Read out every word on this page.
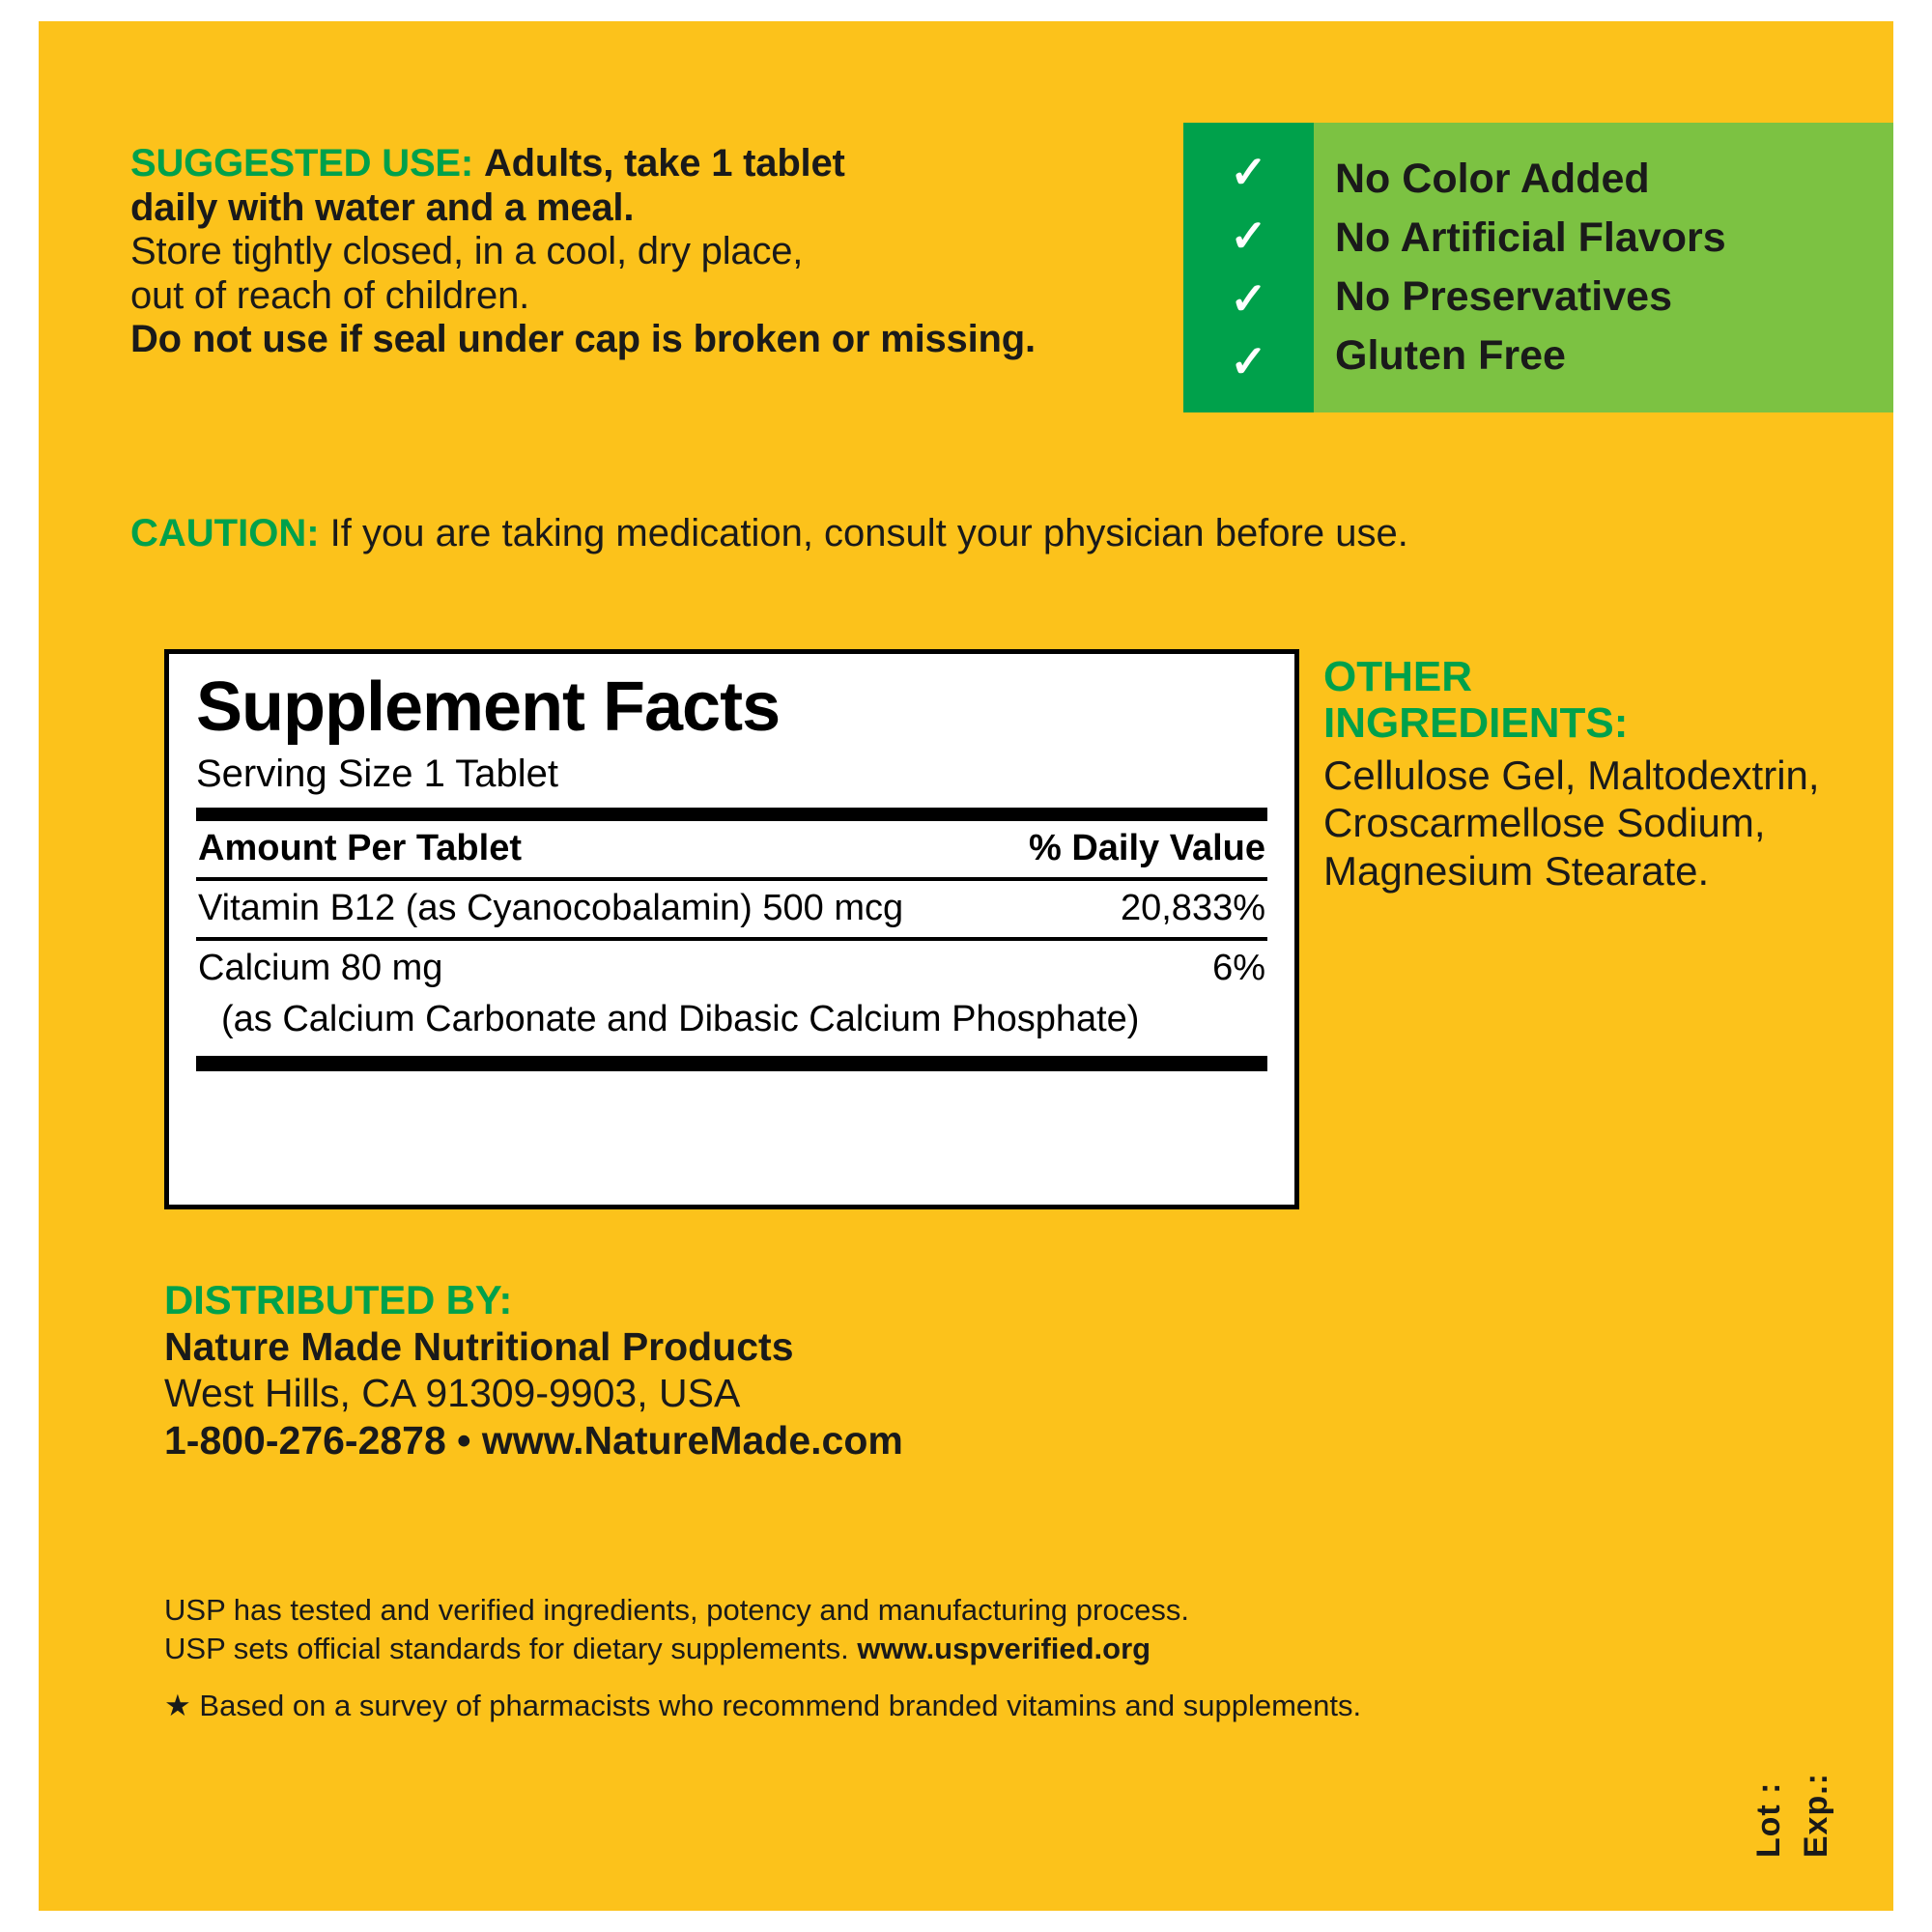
SUGGESTED USE: Adults, take 1 tablet
daily with water and a meal.
Store tightly closed, in a cool, dry place,
out of reach of children.
Do not use if seal under cap is broken or missing.
CAUTION: If you are taking medication, consult your physician before use.
✓
✓
✓
✓
No Color Added
No Artificial Flavors
No Preservatives
Gluten Free
Supplement Facts
Serving Size 1 Tablet
Amount Per Tablet	% Daily Value
Vitamin B12 (as Cyanocobalamin) 500 mcg	20,833%
Calcium 80 mg	6%
(as Calcium Carbonate and Dibasic Calcium Phosphate)
OTHER
INGREDIENTS:
Cellulose Gel, Maltodextrin, Croscarmellose Sodium, Magnesium Stearate.
DISTRIBUTED BY:
Nature Made Nutritional Products
West Hills, CA 91309-9903, USA
1-800-276-2878 • www.NatureMade.com
USP has tested and verified ingredients, potency and manufacturing process.
USP sets official standards for dietary supplements. www.uspverified.org
★ Based on a survey of pharmacists who recommend branded vitamins and supplements.
Lot : Exp.:
